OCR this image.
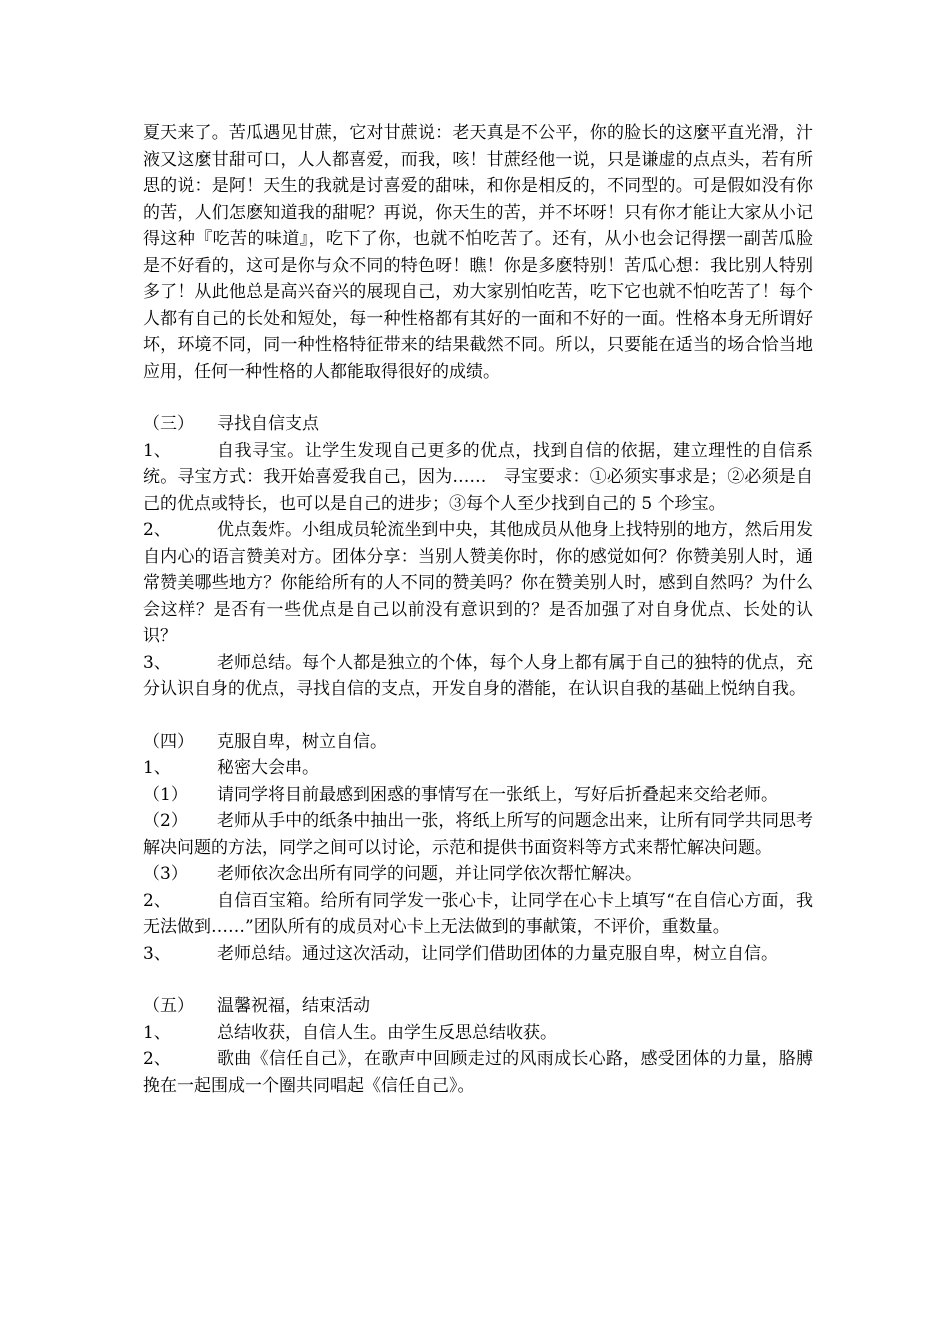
夏天来了。苦瓜遇见甘蔗，它对甘蔗说：老天真是不公平，你的脸长的这麼平直光滑，汁液又这麼甘甜可口，人人都喜爱，而我，咳！甘蔗经他一说，只是谦虚的点点头，若有所思的说：是阿！天生的我就是讨喜爱的甜味，和你是相反的，不同型的。可是假如没有你的苦，人们怎麽知道我的甜呢？再说，你天生的苦，并不坏呀！只有你才能让大家从小记得这种『吃苦的味道』，吃下了你，也就不怕吃苦了。还有，从小也会记得摆一副苦瓜脸是不好看的，这可是你与众不同的特色呀！瞧！你是多麽特别！苦瓜心想：我比别人特别多了！从此他总是高兴奋兴的展现自己，劝大家别怕吃苦，吃下它也就不怕吃苦了！每个人都有自己的长处和短处，每一种性格都有其好的一面和不好的一面。性格本身无所谓好坏，环境不同，同一种性格特征带来的结果截然不同。所以，只要能在适当的场合恰当地应用，任何一种性格的人都能取得很好的成绩。

（三）	寻找自信支点

1、	自我寻宝。让学生发现自己更多的优点，找到自信的依据，建立理性的自信系统。寻宝方式：我开始喜爱我自己，因为……　寻宝要求：①必须实事求是；②必须是自己的优点或特长，也可以是自己的进步；③每个人至少找到自己的 5 个珍宝。

2、	优点轰炸。小组成员轮流坐到中央，其他成员从他身上找特别的地方，然后用发自内心的语言赞美对方。团体分享：当别人赞美你时，你的感觉如何？你赞美别人时，通常赞美哪些地方？你能给所有的人不同的赞美吗？你在赞美别人时，感到自然吗？为什么会这样？是否有一些优点是自己以前没有意识到的？是否加强了对自身优点、长处的认识？

3、	老师总结。每个人都是独立的个体，每个人身上都有属于自己的独特的优点，充分认识自身的优点，寻找自信的支点，开发自身的潜能，在认识自我的基础上悦纳自我。

（四）	克服自卑，树立自信。

1、	秘密大会串。

（1）	请同学将目前最感到困惑的事情写在一张纸上，写好后折叠起来交给老师。

（2）	老师从手中的纸条中抽出一张，将纸上所写的问题念出来，让所有同学共同思考解决问题的方法，同学之间可以讨论，示范和提供书面资料等方式来帮忙解决问题。

（3）	老师依次念出所有同学的问题，并让同学依次帮忙解决。

2、	自信百宝箱。给所有同学发一张心卡，让同学在心卡上填写“在自信心方面，我无法做到……”团队所有的成员对心卡上无法做到的事献策，不评价，重数量。

3、	老师总结。通过这次活动，让同学们借助团体的力量克服自卑，树立自信。

（五）	温馨祝福，结束活动

1、	总结收获，自信人生。由学生反思总结收获。

2、	歌曲《信任自己》，在歌声中回顾走过的风雨成长心路，感受团体的力量，胳膊挽在一起围成一个圈共同唱起《信任自己》。
